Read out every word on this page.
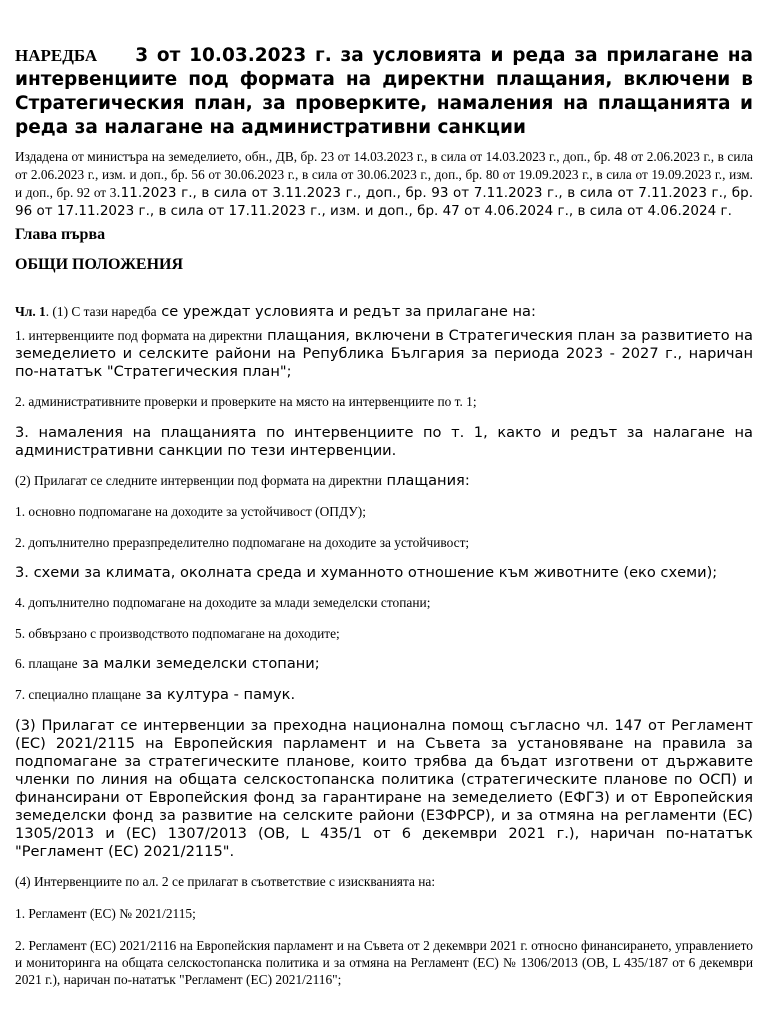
НАРЕДБА 3 от 10.03.2023 г. за условията и реда за прилагане на интервенциите под формата на директни плащания, включени в Стратегическия план, за проверките, намаления на плащанията и реда за налагане на административни санкции

Издадена от министъра на земеделието, обн., ДВ, бр. 23 от 14.03.2023 г., в сила от 14.03.2023 г., доп., бр. 48 от 2.06.2023 г., в сила от 2.06.2023 г., изм. и доп., бр. 56 от 30.06.2023 г., в сила от 30.06.2023 г., доп., бр. 80 от 19.09.2023 г., в сила от 19.09.2023 г., изм. и доп., бр. 92 от 3.11.2023 г., в сила от 3.11.2023 г., доп., бр. 93 от 7.11.2023 г., в сила от 7.11.2023 г., бр. 96 от 17.11.2023 г., в сила от 17.11.2023 г., изм. и доп., бр. 47 от 4.06.2024 г., в сила от 4.06.2024 г.

Глава първа
ОБЩИ ПОЛОЖЕНИЯ

Чл. 1. (1) С тази наредба се уреждат условията и редът за прилагане на:

1. интервенциите под формата на директни плащания, включени в Стратегическия план за развитието на земеделието и селските райони на Република България за периода 2023 - 2027 г., наричан по-нататък "Стратегическия план";

2. административните проверки и проверките на място на интервенциите по т. 1;

3. намаления на плащанията по интервенциите по т. 1, както и редът за налагане на административни санкции по тези интервенции.

(2) Прилагат се следните интервенции под формата на директни плащания:

1. основно подпомагане на доходите за устойчивост (ОПДУ);

2. допълнително преразпределително подпомагане на доходите за устойчивост;

3. схеми за климата, околната среда и хуманното отношение към животните (еко схеми);

4. допълнително подпомагане на доходите за млади земеделски стопани;

5. обвързано с производството подпомагане на доходите;

6. плащане за малки земеделски стопани;

7. специално плащане за култура - памук.

(3) Прилагат се интервенции за преходна национална помощ съгласно чл. 147 от Регламент (ЕС) 2021/2115 на Европейския парламент и на Съвета за установяване на правила за подпомагане за стратегическите планове, които трябва да бъдат изготвени от държавите членки по линия на общата селскостопанска политика (стратегическите планове по ОСП) и финансирани от Европейския фонд за гарантиране на земеделието (ЕФГЗ) и от Европейския земеделски фонд за развитие на селските райони (ЕЗФРСР), и за отмяна на регламенти (ЕС) 1305/2013 и (ЕС) 1307/2013 (ОВ, L 435/1 от 6 декември 2021 г.), наричан по-нататък "Регламент (ЕС) 2021/2115".

(4) Интервенциите по ал. 2 се прилагат в съответствие с изискванията на:

1. Регламент (ЕС) № 2021/2115;

2. Регламент (ЕС) 2021/2116 на Европейския парламент и на Съвета от 2 декември 2021 г. относно финансирането, управлението и мониторинга на общата селскостопанска политика и за отмяна на Регламент (ЕС) № 1306/2013 (ОВ, L 435/187 от 6 декември 2021 г.), наричан по-нататък "Регламент (ЕС) 2021/2116";
